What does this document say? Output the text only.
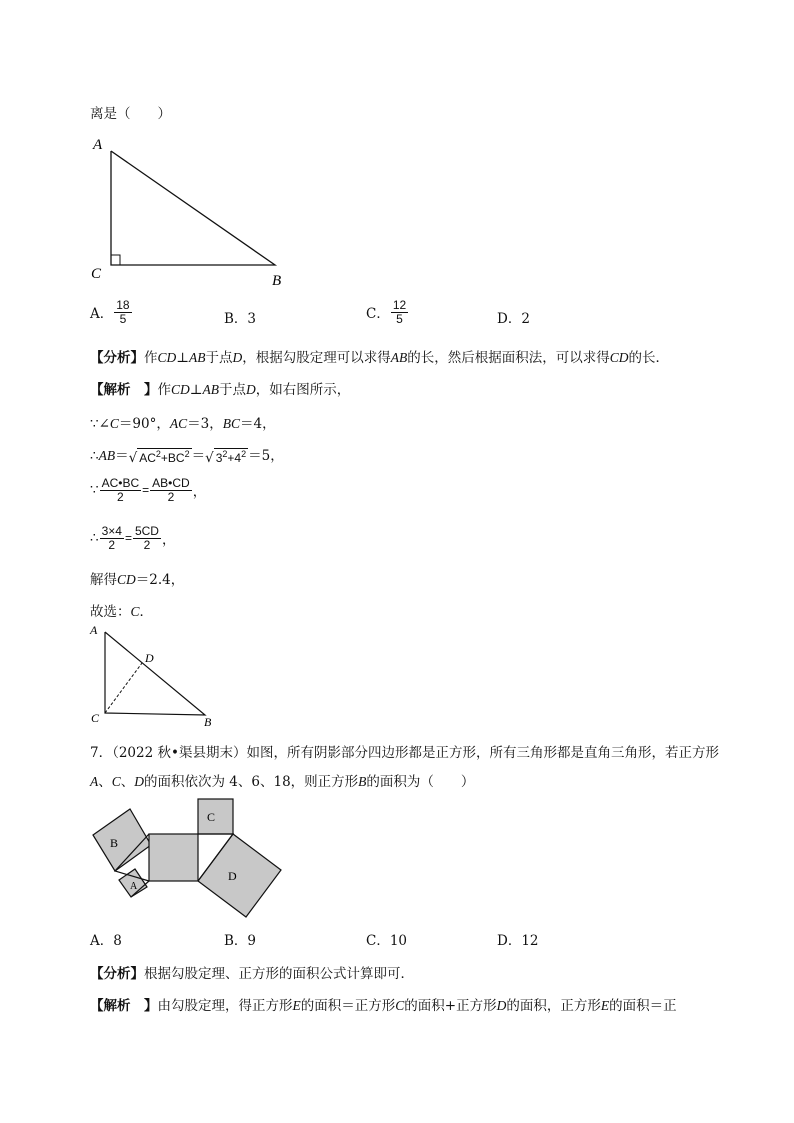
离是（　　）
A
C	B
A． $\frac{18}{5}$	B．3	C． $\frac{12}{5}$	D．2
【分析】作CD⊥AB于点D，根据勾股定理可以求得AB的长，然后根据面积法，可以求得CD的长．
【解析　】作CD⊥AB于点D，如右图所示，
∵∠C＝90°，AC＝3，BC＝4，
∴AB＝√ $AC^2+BC^2$ ＝√ $3^2+4^2 =5$，
∵ $\frac{AC•BC}{2} = \frac{AB•CD}{2}$ ，
∴ $\frac{3\times 4}{2} = \frac{5CD}{2}$ ，
解得CD＝2.4，
故选：C．
A
D
C	B
7．（2022 秋•渠县期末）如图，所有阴影部分四边形都是正方形，所有三角形都是直角三角形，若正方形
A、C、D的面积依次为 4、6、18，则正方形B的面积为（　　）
B
A
C
D
A．8	B．9	C．10	D．12
【分析】根据勾股定理、正方形的面积公式计算即可．
【解析　】由勾股定理，得正方形E的面积＝正方形C的面积+正方形D的面积，正方形E的面积＝正
